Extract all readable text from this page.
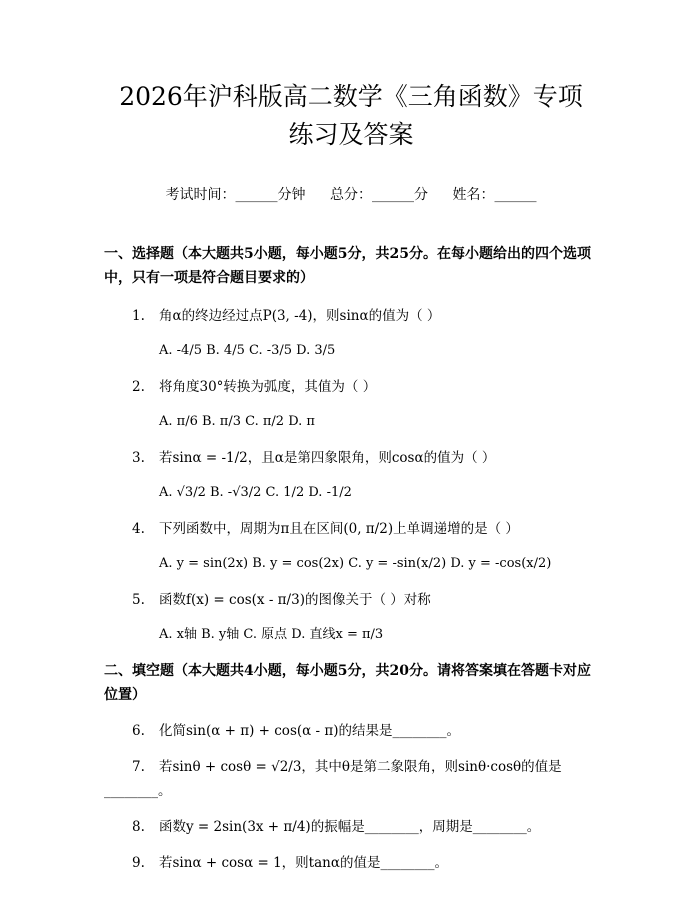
2026年沪科版高二数学《三角函数》专项练习及答案
考试时间：______分钟 总分：______分 姓名：______
一、选择题（本大题共5小题，每小题5分，共25分。在每小题给出的四个选项中，只有一项是符合题目要求的）
1. 角α的终边经过点P(3, -4)，则sinα的值为（ ）
A. -4/5 B. 4/5 C. -3/5 D. 3/5
2. 将角度30°转换为弧度，其值为（ ）
A. π/6 B. π/3 C. π/2 D. π
3. 若sinα = -1/2，且α是第四象限角，则cosα的值为（ ）
A. √3/2 B. -√3/2 C. 1/2 D. -1/2
4. 下列函数中，周期为π且在区间(0, π/2)上单调递增的是（ ）
A. y = sin(2x) B. y = cos(2x) C. y = -sin(x/2) D. y = -cos(x/2)
5. 函数f(x) = cos(x - π/3)的图像关于（ ）对称
A. x轴 B. y轴 C. 原点 D. 直线x = π/3
二、填空题（本大题共4小题，每小题5分，共20分。请将答案填在答题卡对应位置）
6. 化简sin(α + π) + cos(α - π)的结果是________。
7. 若sinθ + cosθ = √2/3，其中θ是第二象限角，则sinθ·cosθ的值是________。
8. 函数y = 2sin(3x + π/4)的振幅是________，周期是________。
9. 若sinα + cosα = 1，则tanα的值是________。
